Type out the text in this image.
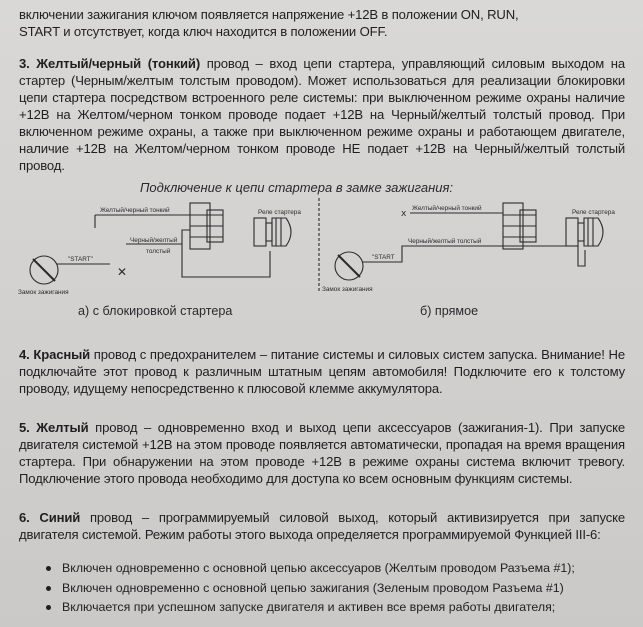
включении зажигания ключом появляется напряжение +12В в положении ON, RUN,

START и отсутствует, когда ключ находится в положении OFF.

3. Желтый/черный (тонкий) провод – вход цепи стартера, управляющий силовым выходом на стартер (Черным/желтым толстым проводом). Может использоваться для реализации блокировки цепи стартера посредством встроенного реле системы: при выключенном режиме охраны наличие +12В на Желтом/черном тонком проводе подает +12В на Черный/желтый толстый провод. При включенном режиме охраны, а также при выключенном режиме охраны и работающем двигателе, наличие +12В на Желтом/черном тонком проводе НЕ подает +12В на Черный/желтый толстый провод.

Подключение к цепи стартера в замке зажигания:
Желтый/черный тонкий	Реле стартера
Черный/желтый
толстый
"START"
Замок зажигания
Желтый/черный тонкий
Реле стартера
Черный/желтый толстый
"START
Замок зажигания
✕
x
а) с блокировкой стартера	б) прямое

4. Красный провод с предохранителем – питание системы и силовых систем запуска. Внимание! Не подключайте этот провод к различным штатным цепям автомобиля! Подключите его к толстому проводу, идущему непосредственно к плюсовой клемме аккумулятора.

5. Желтый провод – одновременно вход и выход цепи аксессуаров (зажигания-1). При запуске двигателя системой +12В на этом проводе появляется автоматически, пропадая на время вращения стартера. При обнаружении на этом проводе +12В в режиме охраны система включит тревогу. Подключение этого провода необходимо для доступа ко всем основным функциям системы.

6. Синий провод – программируемый силовой выход, который активизируется при запуске двигателя системой. Режим работы этого выхода определяется программируемой Функцией III-6:

Включен одновременно с основной цепью аксессуаров (Желтым проводом Разъема #1);
Включен одновременно с основной цепью зажигания (Зеленым проводом Разъема #1)
Включается при успешном запуске двигателя и активен все время работы двигателя;
